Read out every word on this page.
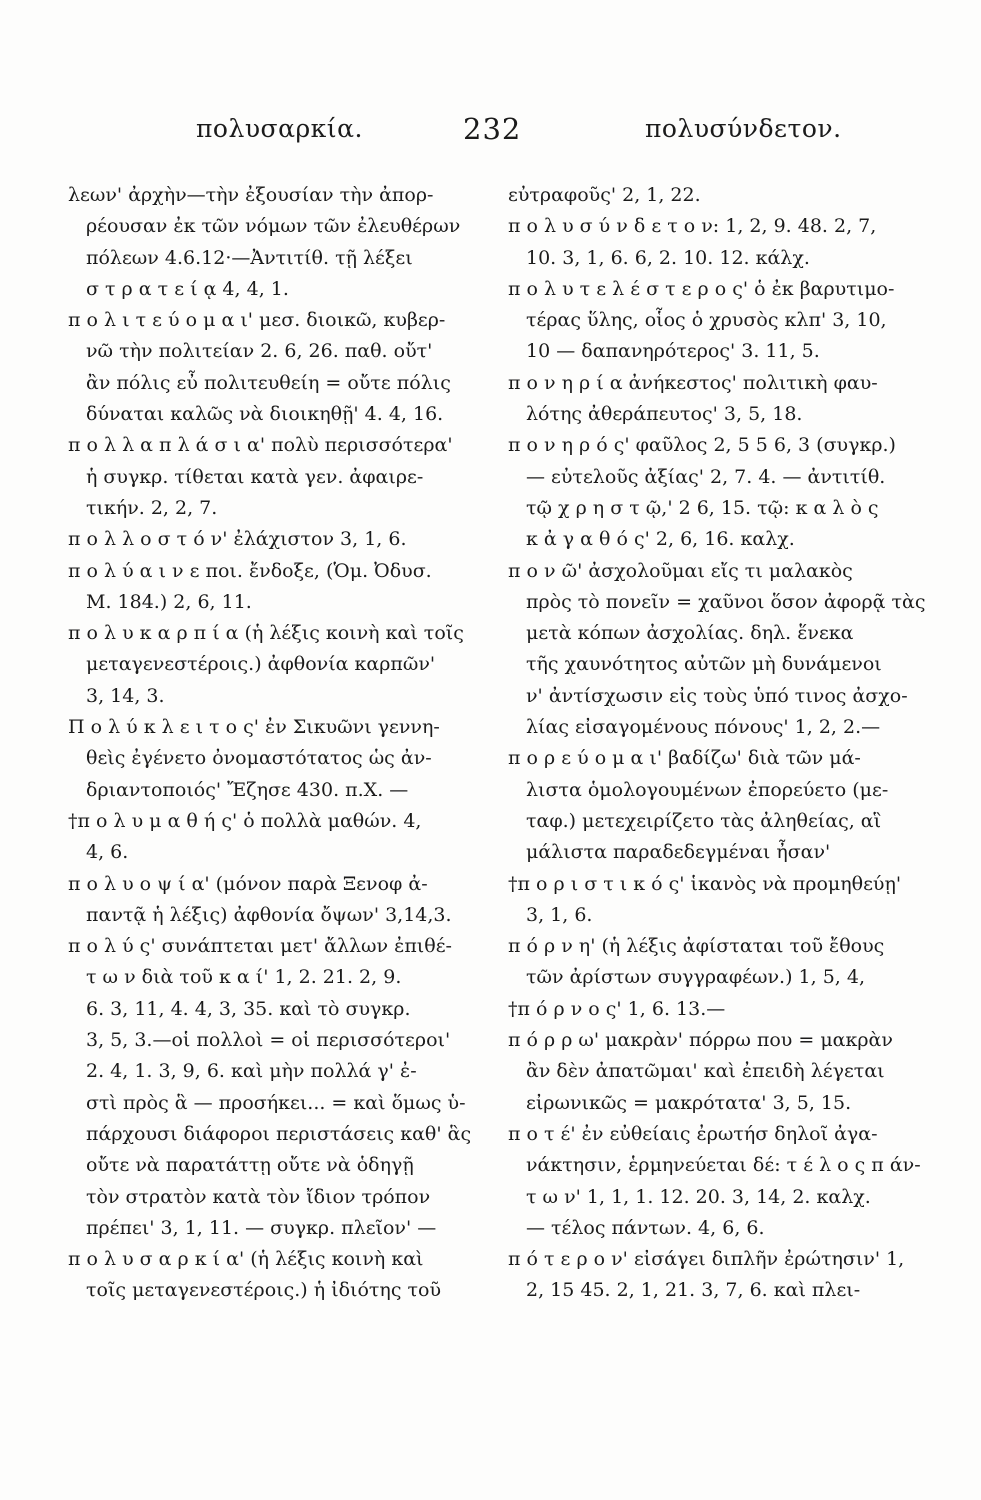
πολυσαρκία.	232	πολυσύνδετον.
λεων' ἀρχὴν—τὴν ἐξουσίαν τὴν ἀπορ-
ρέουσαν ἐκ τῶν νόμων τῶν ἐλευθέρων
πόλεων 4.6.12·—Ἀντιτίθ. τῇ λέξει
σ τ ρ α τ ε ί ᾳ 4, 4, 1.
π ο λ ι τ ε ύ ο μ α ι' μεσ. διοικῶ, κυβερ-
νῶ τὴν πολιτείαν 2. 6, 26. παθ. οὔτ'
ἂν πόλις εὖ πολιτευθείη = οὔτε πόλις
δύναται καλῶς νὰ διοικηθῇ' 4. 4, 16.
π ο λ λ α π λ ά σ ι α' πολὺ περισσότερα'
ἡ συγκρ. τίθεται κατὰ γεν. ἀφαιρε-
τικήν. 2, 2, 7.
π ο λ λ ο σ τ ό ν' ἐλάχιστον 3, 1, 6.
π ο λ ύ α ι ν ε ποι. ἔνδοξε, (Ὁμ. Ὀδυσ.
Μ. 184.) 2, 6, 11.
π ο λ υ κ α ρ π ί α (ἡ λέξις κοινὴ καὶ τοῖς
μεταγενεστέροις.) ἀφθονία καρπῶν'
3, 14, 3.
Π ο λ ύ κ λ ε ι τ ο ς' ἐν Σικυῶνι γεννη-
θεὶς ἐγένετο ὀνομαστότατος ὡς ἀν-
δριαντοποιός' Ἔζησε 430. π.Χ. —
†π ο λ υ μ α θ ή ς' ὁ πολλὰ μαθών. 4,
4, 6.
π ο λ υ ο ψ ί α' (μόνον παρὰ Ξενοφ ἀ-
παντᾷ ἡ λέξις) ἀφθονία ὄψων' 3,14,3.
π ο λ ύ ς' συνάπτεται μετ' ἄλλων ἐπιθέ-
τ ω ν διὰ τοῦ κ α ί' 1, 2. 21. 2, 9.
6. 3, 11, 4. 4, 3, 35. καὶ τὸ συγκρ.
3, 5, 3.—οἱ πολλοὶ = οἱ περισσότεροι'
2. 4, 1. 3, 9, 6. καὶ μὴν πολλά γ' ἐ-
στὶ πρὸς ἃ — προσήκει... = καὶ ὅμως ὑ-
πάρχουσι διάφοροι περιστάσεις καθ' ἃς
οὔτε νὰ παρατάττῃ οὔτε νὰ ὁδηγῇ
τὸν στρατὸν κατὰ τὸν ἴδιον τρόπον
πρέπει' 3, 1, 11. — συγκρ. πλεῖον' —
π ο λ υ σ α ρ κ ί α' (ἡ λέξις κοινὴ καὶ
τοῖς μεταγενεστέροις.) ἡ ἰδιότης τοῦ
εὐτραφοῦς' 2, 1, 22.
π ο λ υ σ ύ ν δ ε τ ο ν: 1, 2, 9. 48. 2, 7,
10. 3, 1, 6. 6, 2. 10. 12. κάλχ.
π ο λ υ τ ε λ έ σ τ ε ρ ο ς' ὁ ἐκ βαρυτιμο-
τέρας ὕλης, οἷος ὁ χρυσὸς κλπ' 3, 10,
10 — δαπανηρότερος' 3. 11, 5.
π ο ν η ρ ί α ἀνήκεστος' πολιτικὴ φαυ-
λότης ἀθεράπευτος' 3, 5, 18.
π ο ν η ρ ό ς' φαῦλος 2, 5 5 6, 3 (συγκρ.)
— εὐτελοῦς ἀξίας' 2, 7. 4. — ἀντιτίθ.
τῷ χ ρ η σ τ ῷ,' 2 6, 15. τῷ: κ α λ ὸ ς
κ ἀ γ α θ ό ς' 2, 6, 16. καλχ.
π ο ν ῶ' ἀσχολοῦμαι εἴς τι μαλακὸς
πρὸς τὸ πονεῖν = χαῦνοι ὅσον ἀφορᾷ τὰς
μετὰ κόπων ἀσχολίας. δηλ. ἕνεκα
τῆς χαυνότητος αὐτῶν μὴ δυνάμενοι
ν' ἀντίσχωσιν εἰς τοὺς ὑπό τινος ἀσχο-
λίας εἰσαγομένους πόνους' 1, 2, 2.—
π ο ρ ε ύ ο μ α ι' βαδίζω' διὰ τῶν μά-
λιστα ὁμολογουμένων ἐπορεύετο (με-
ταφ.) μετεχειρίζετο τὰς ἀληθείας, αἳ
μάλιστα παραδεδεγμέναι ἦσαν'
†π ο ρ ι σ τ ι κ ό ς' ἱκανὸς νὰ προμηθεύῃ'
3, 1, 6.
π ό ρ ν η' (ἡ λέξις ἀφίσταται τοῦ ἔθους
τῶν ἀρίστων συγγραφέων.) 1, 5, 4,
†π ό ρ ν ο ς' 1, 6. 13.—
π ό ρ ρ ω' μακρὰν' πόρρω που = μακρὰν
ἂν δὲν ἀπατῶμαι' καὶ ἐπειδὴ λέγεται
εἰρωνικῶς = μακρότατα' 3, 5, 15.
π ο τ έ' ἐν εὐθείαις ἐρωτήσ δηλοῖ ἀγα-
νάκτησιν, ἑρμηνεύεται δέ: τ έ λ ο ς π άν-
τ ω ν' 1, 1, 1. 12. 20. 3, 14, 2. καλχ.
— τέλος πάντων. 4, 6, 6.
π ό τ ε ρ ο ν' εἰσάγει διπλῆν ἐρώτησιν' 1,
2, 15 45. 2, 1, 21. 3, 7, 6. καὶ πλει-
